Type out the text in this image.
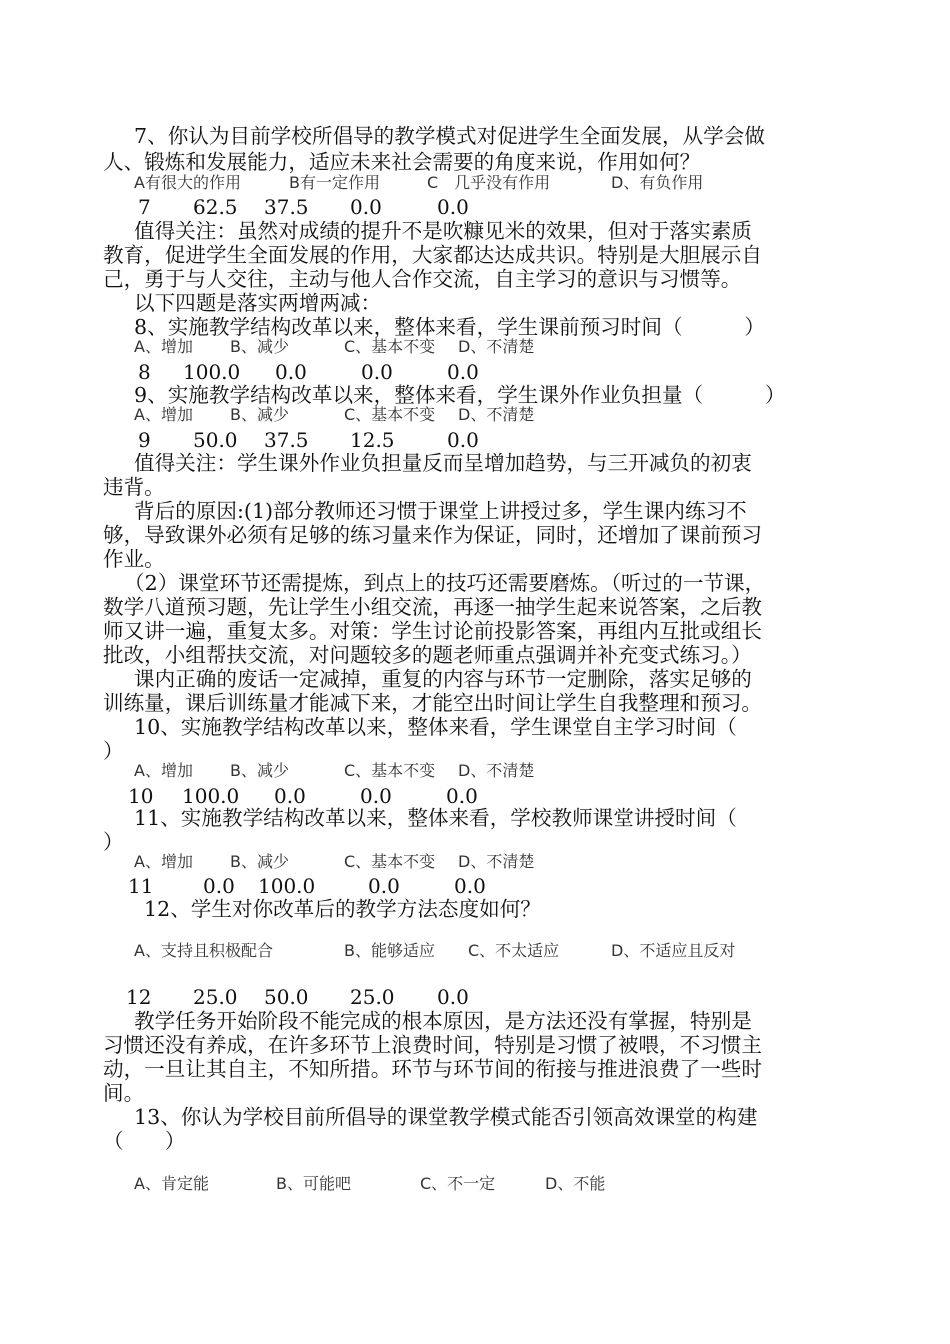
7、你认为目前学校所倡导的教学模式对促进学生全面发展，从学会做
人、锻炼和发展能力，适应未来社会需要的角度来说，作用如何？
A有很大的作用	B有一定作用	C　几乎没有作用	D、有负作用
7 62.5 37.5 0.0	0.0
值得关注：虽然对成绩的提升不是吹糠见米的效果，但对于落实素质
教育，促进学生全面发展的作用，大家都达达成共识。特别是大胆展示自
己，勇于与人交往，主动与他人合作交流，自主学习的意识与习惯等。
以下四题是落实两增两减：
8、实施教学结构改革以来，整体来看，学生课前预习时间（　　　）
A、增加 B、减少	C、基本不变 D、不清楚
8 100.0 0.0	0.0	0.0
9、实施教学结构改革以来，整体来看，学生课外作业负担量（　　　）
A、增加 B、减少	C、基本不变 D、不清楚
9 50.0 37.5 12.5	0.0
值得关注：学生课外作业负担量反而呈增加趋势，与三开减负的初衷
违背。
背后的原因:(1)部分教师还习惯于课堂上讲授过多，学生课内练习不
够，导致课外必须有足够的练习量来作为保证，同时，还增加了课前预习
作业。
（2）课堂环节还需提炼，到点上的技巧还需要磨炼。（听过的一节课，
数学八道预习题，先让学生小组交流，再逐一抽学生起来说答案，之后教
师又讲一遍，重复太多。对策：学生讨论前投影答案，再组内互批或组长
批改，小组帮扶交流，对问题较多的题老师重点强调并补充变式练习。）
课内正确的废话一定减掉，重复的内容与环节一定删除，落实足够的
训练量，课后训练量才能减下来，才能空出时间让学生自我整理和预习。
10、实施教学结构改革以来，整体来看，学生课堂自主学习时间（
）
A、增加 B、减少	C、基本不变 D、不清楚
10 100.0 0.0	0.0	0.0
11、实施教学结构改革以来，整体来看，学校教师课堂讲授时间（
）
A、增加 B、减少	C、基本不变 D、不清楚
11 0.0 100.0	0.0	0.0
12、学生对你改革后的教学方法态度如何？
A、支持且积极配合	B、能够适应 C、不太适应	D、不适应且反对
12 25.0 50.0 25.0 0.0
教学任务开始阶段不能完成的根本原因，是方法还没有掌握，特别是
习惯还没有养成，在许多环节上浪费时间，特别是习惯了被喂，不习惯主
动，一旦让其自主，不知所措。环节与环节间的衔接与推进浪费了一些时
间。
13、你认为学校目前所倡导的课堂教学模式能否引领高效课堂的构建
（　　）
A、肯定能	B、可能吧	C、不一定	D、不能
